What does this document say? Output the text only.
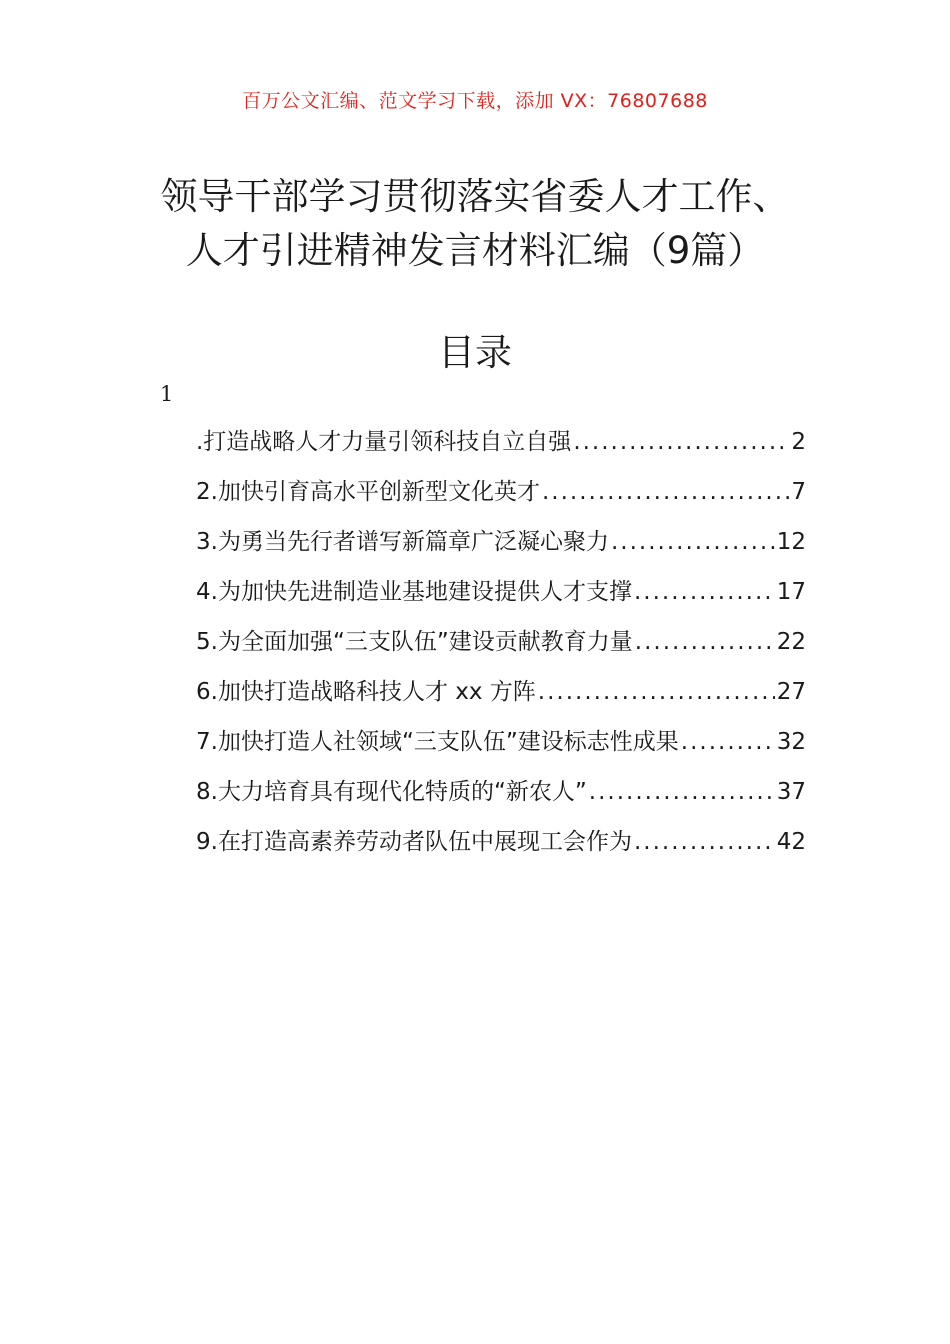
百万公文汇编、范文学习下载，添加 VX：76807688
领导干部学习贯彻落实省委人才工作、人才引进精神发言材料汇编（9篇）
目录
1
.打造战略人才力量引领科技自立自强 .....	2
2.加快引育高水平创新型文化英才 .....	7
3.为勇当先行者谱写新篇章广泛凝心聚力 .....	12
4.为加快先进制造业基地建设提供人才支撑 .....	17
5.为全面加强“三支队伍”建设贡献教育力量 .....	22
6.加快打造战略科技人才 xx 方阵 .....	27
7.加快打造人社领域“三支队伍”建设标志性成果 .....	32
8.大力培育具有现代化特质的“新农人” .....	37
9.在打造高素养劳动者队伍中展现工会作为 .....	42
